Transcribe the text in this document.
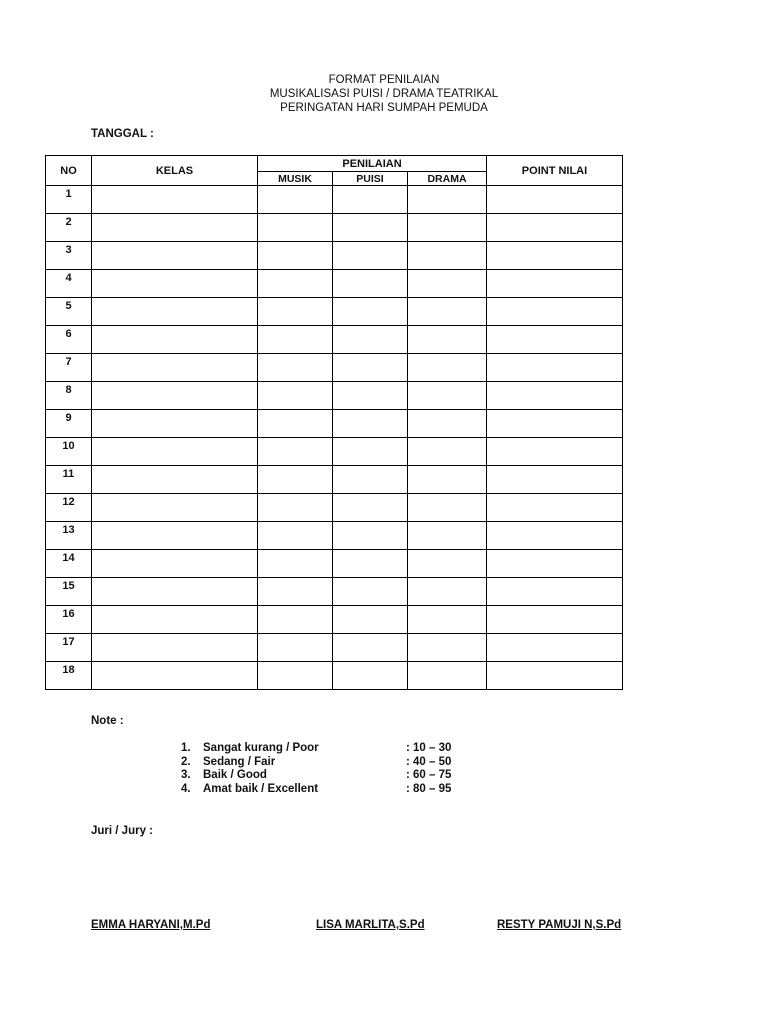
FORMAT PENILAIAN
MUSIKALISASI PUISI / DRAMA TEATRIKAL
PERINGATAN HARI SUMPAH PEMUDA
TANGGAL :
NO	KELAS	PENILAIAN			POINT NILAI
		MUSIK	PUISI	DRAMA	
1					
2					
3					
4					
5					
6					
7					
8					
9					
10					
11					
12					
13					
14					
15					
16					
17					
18					
Note :
1. Sangat kurang / Poor	: 10 – 30
2. Sedang / Fair	: 40 – 50
3. Baik / Good	: 60 – 75
4. Amat baik / Excellent	: 80 – 95
Juri / Jury :
EMMA HARYANI,M.Pd	LISA MARLITA,S.Pd	RESTY PAMUJI N,S.Pd
